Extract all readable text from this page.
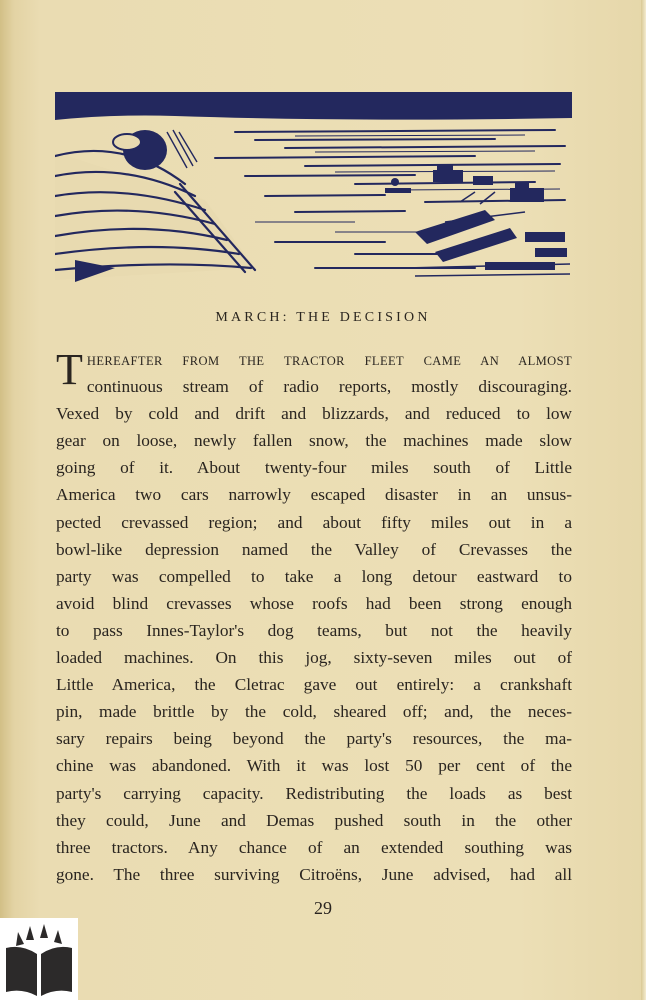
MARCH: THE DECISION
T HEREAFTER FROM THE TRACTOR FLEET CAME AN ALMOST
continuous stream of radio reports, mostly discouraging.
Vexed by cold and drift and blizzards, and reduced to low
gear on loose, newly fallen snow, the machines made slow
going of it. About twenty-four miles south of Little
America two cars narrowly escaped disaster in an unsus-
pected crevassed region; and about fifty miles out in a
bowl-like depression named the Valley of Crevasses the
party was compelled to take a long detour eastward to
avoid blind crevasses whose roofs had been strong enough
to pass Innes-Taylor's dog teams, but not the heavily
loaded machines. On this jog, sixty-seven miles out of
Little America, the Cletrac gave out entirely: a crankshaft
pin, made brittle by the cold, sheared off; and, the neces-
sary repairs being beyond the party's resources, the ma-
chine was abandoned. With it was lost 50 per cent of the
party's carrying capacity. Redistributing the loads as best
they could, June and Demas pushed south in the other
three tractors. Any chance of an extended southing was
gone. The three surviving Citroëns, June advised, had all
29
